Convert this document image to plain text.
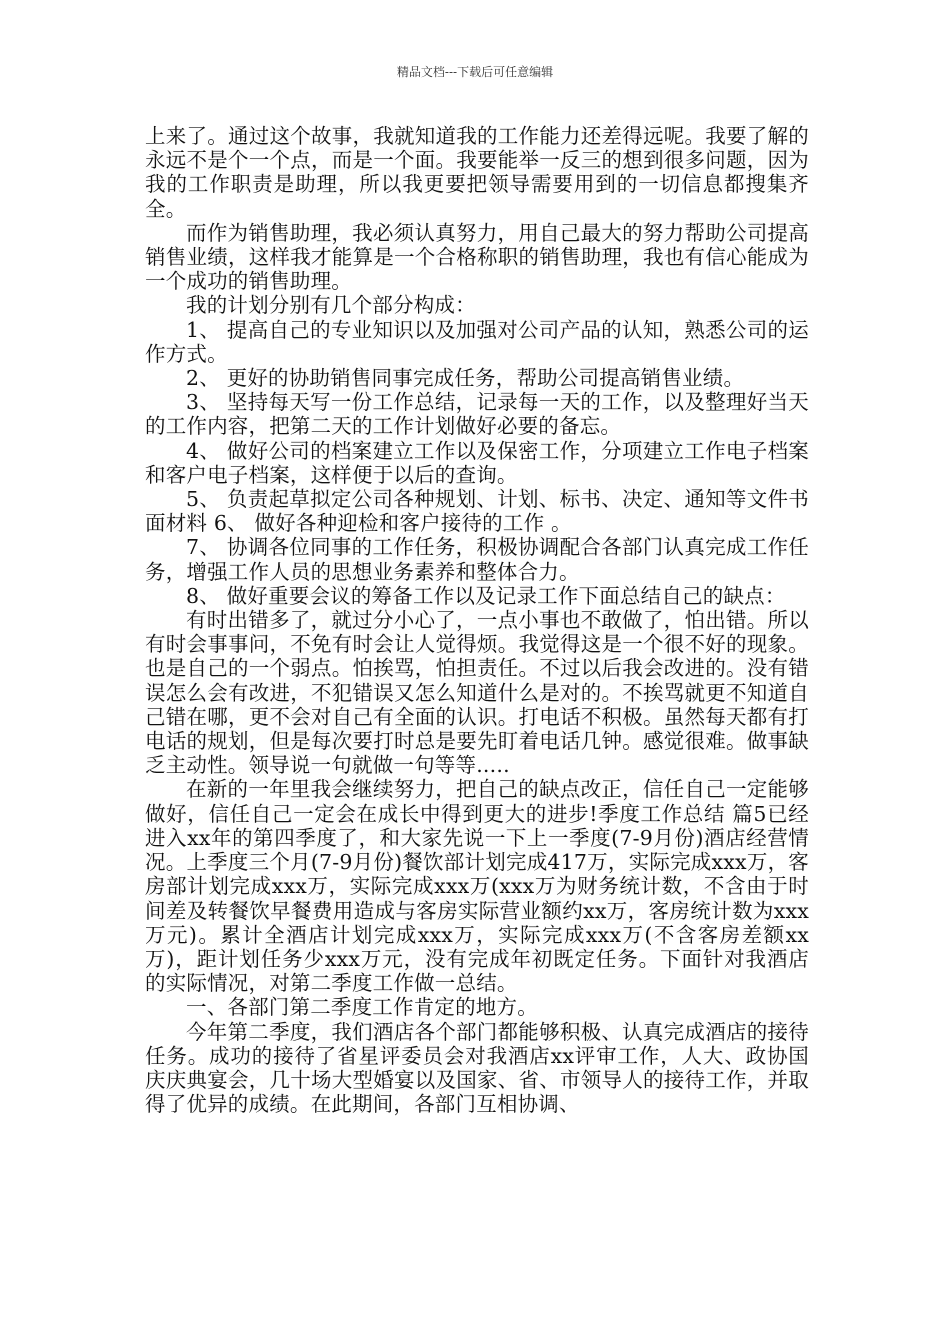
精品文档---下载后可任意编辑

上来了。通过这个故事，我就知道我的工作能力还差得远呢。我要了解的永远不是个一个点，而是一个面。我要能举一反三的想到很多问题，因为我的工作职责是助理，所以我更要把领导需要用到的一切信息都搜集齐全。

而作为销售助理，我必须认真努力，用自己最大的努力帮助公司提高销售业绩，这样我才能算是一个合格称职的销售助理，我也有信心能成为一个成功的销售助理。

我的计划分别有几个部分构成：

1、 提高自己的专业知识以及加强对公司产品的认知，熟悉公司的运作方式。

2、 更好的协助销售同事完成任务，帮助公司提高销售业绩。

3、 坚持每天写一份工作总结，记录每一天的工作，以及整理好当天的工作内容，把第二天的工作计划做好必要的备忘。

4、 做好公司的档案建立工作以及保密工作，分项建立工作电子档案和客户电子档案，这样便于以后的查询。

5、 负责起草拟定公司各种规划、计划、标书、决定、通知等文件书面材料 6、 做好各种迎检和客户接待的工作 。

7、 协调各位同事的工作任务，积极协调配合各部门认真完成工作任务，增强工作人员的思想业务素养和整体合力。

8、 做好重要会议的筹备工作以及记录工作下面总结自己的缺点：

有时出错多了，就过分小心了，一点小事也不敢做了，怕出错。所以有时会事事问，不免有时会让人觉得烦。我觉得这是一个很不好的现象。也是自己的一个弱点。怕挨骂，怕担责任。不过以后我会改进的。没有错误怎么会有改进，不犯错误又怎么知道什么是对的。不挨骂就更不知道自己错在哪，更不会对自己有全面的认识。打电话不积极。虽然每天都有打电话的规划，但是每次要打时总是要先盯着电话几钟。感觉很难。做事缺乏主动性。领导说一句就做一句等等.....

在新的一年里我会继续努力，把自己的缺点改正，信任自己一定能够做好，信任自己一定会在成长中得到更大的进步!季度工作总结 篇5已经进入xx年的第四季度了，和大家先说一下上一季度(7-9月份)酒店经营情况。上季度三个月(7-9月份)餐饮部计划完成417万，实际完成xxx万，客房部计划完成xxx万，实际完成xxx万(xxx万为财务统计数，不含由于时间差及转餐饮早餐费用造成与客房实际营业额约xx万，客房统计数为xxx万元)。累计全酒店计划完成xxx万，实际完成xxx万(不含客房差额xx万)，距计划任务少xxx万元，没有完成年初既定任务。下面针对我酒店的实际情况，对第二季度工作做一总结。

一、各部门第二季度工作肯定的地方。

今年第二季度，我们酒店各个部门都能够积极、认真完成酒店的接待任务。成功的接待了省星评委员会对我酒店xx评审工作，人大、政协国庆庆典宴会，几十场大型婚宴以及国家、省、市领导人的接待工作，并取得了优异的成绩。在此期间，各部门互相协调、
